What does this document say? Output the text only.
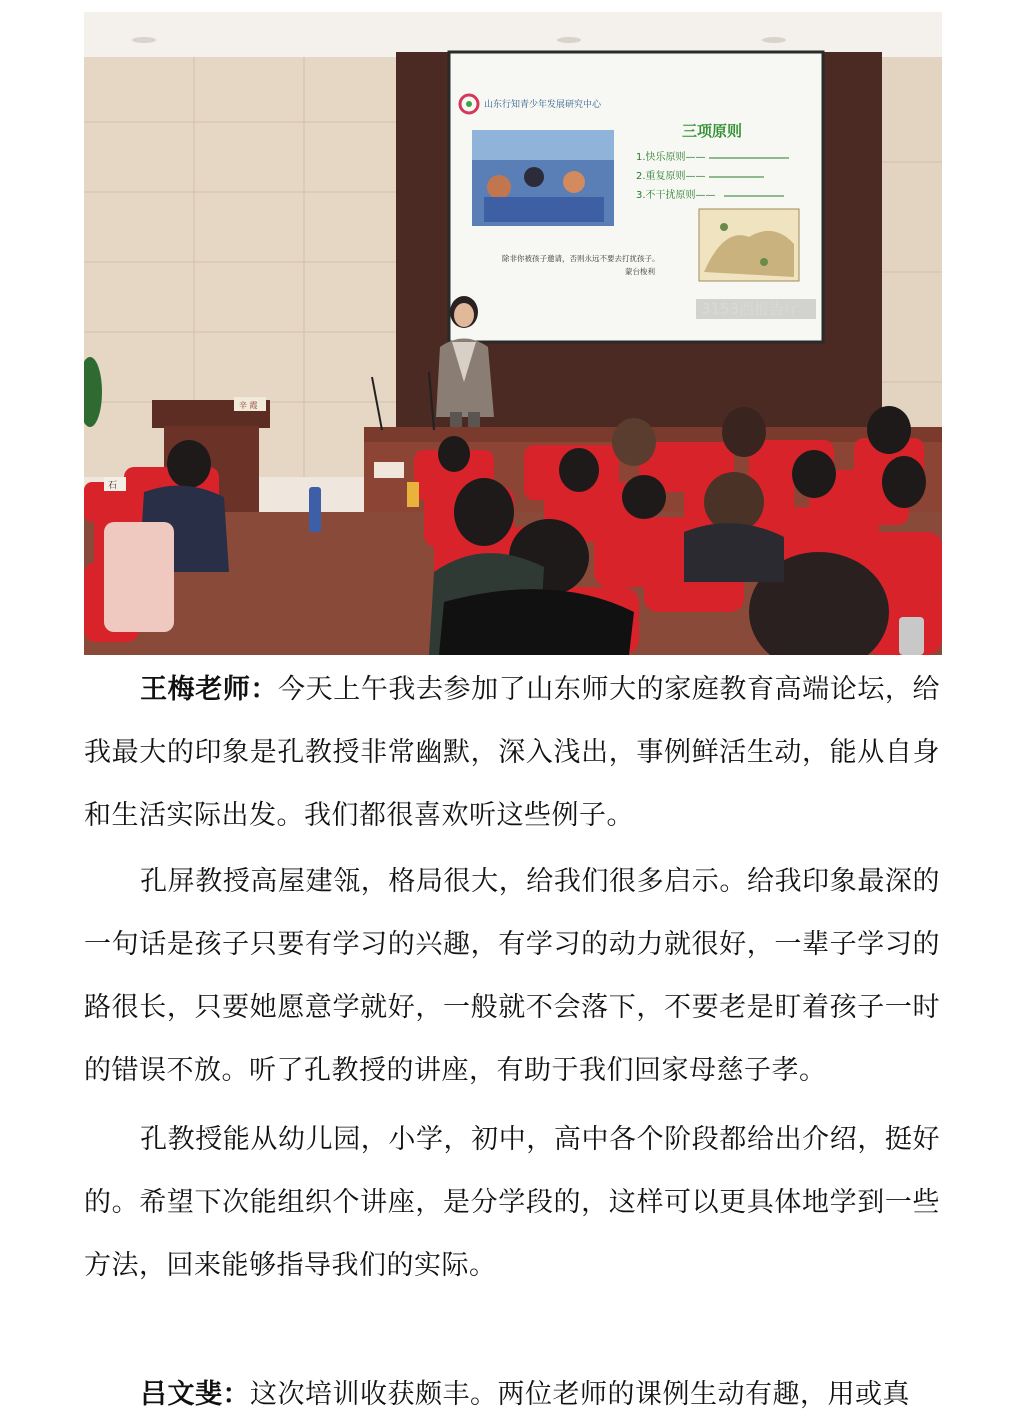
山东行知青少年发展研究中心
三项原则
1.快乐原则——
2.重复原则——
3.不干扰原则——
除非你被孩子邀请，否则永远不要去打扰孩子。
蒙台梭利
3153西报告厅
辛 霞
石
王梅老师：今天上午我去参加了山东师大的家庭教育高端论坛，给我最大的印象是孔教授非常幽默，深入浅出，事例鲜活生动，能从自身和生活实际出发。我们都很喜欢听这些例子。
孔屏教授高屋建瓴，格局很大，给我们很多启示。给我印象最深的一句话是孩子只要有学习的兴趣，有学习的动力就很好，一辈子学习的路很长，只要她愿意学就好，一般就不会落下，不要老是盯着孩子一时的错误不放。听了孔教授的讲座，有助于我们回家母慈子孝。
孔教授能从幼儿园，小学，初中，高中各个阶段都给出介绍，挺好的。希望下次能组织个讲座，是分学段的，这样可以更具体地学到一些方法，回来能够指导我们的实际。
吕文斐：这次培训收获颇丰。两位老师的课例生动有趣，用或真
